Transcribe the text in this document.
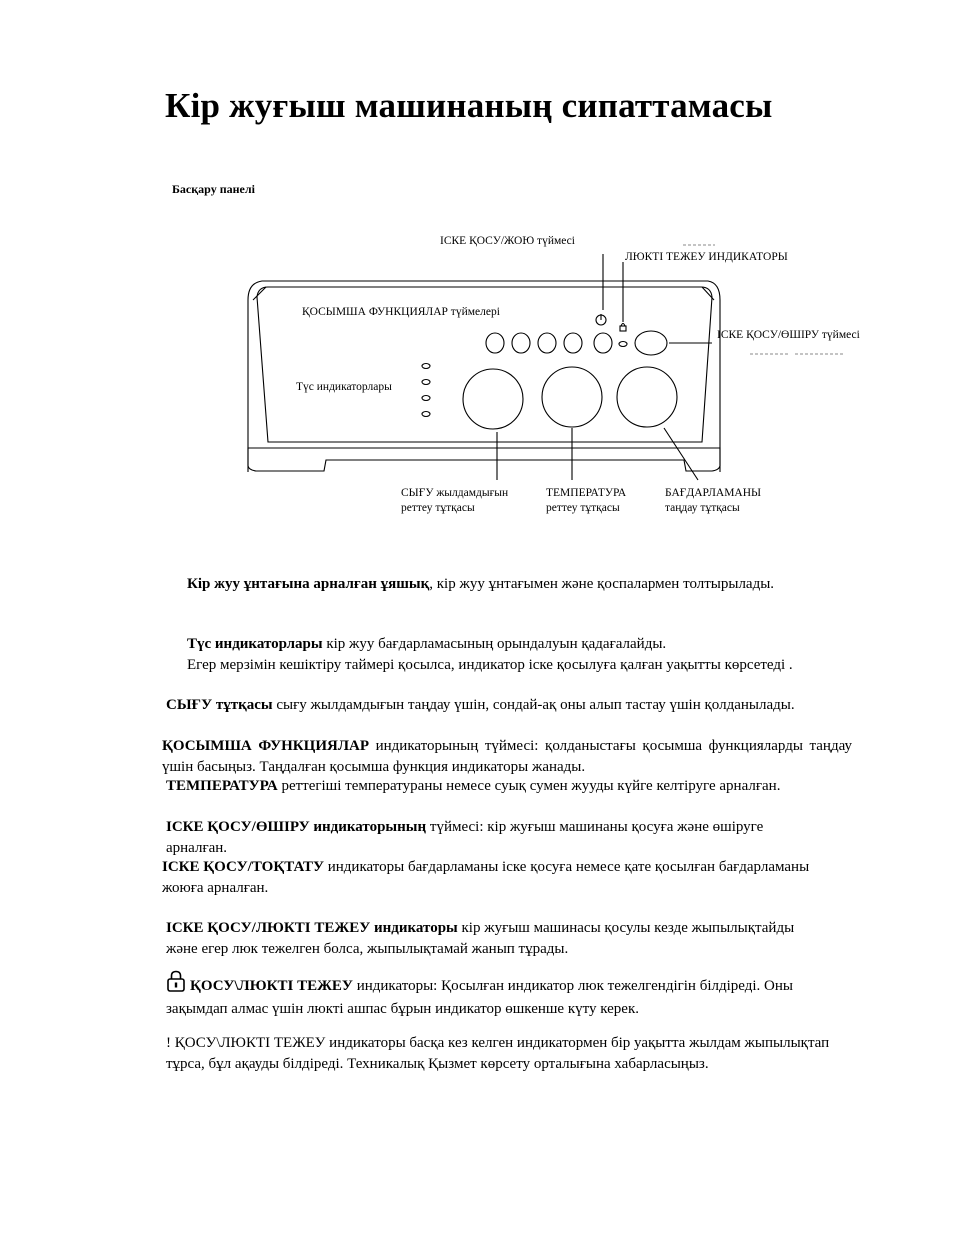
Кір жуғыш машинаның сипаттамасы
Басқару панелі
ІСКЕ ҚОСУ/ЖОЮ түймесі
ЛЮКТІ ТЕЖЕУ ИНДИКАТОРЫ
ҚОСЫМША ФУНКЦИЯЛАР түймелері
ІСКЕ ҚОСУ/ӨШІРУ түймесі
Түс индикаторлары
СЫҒУ жылдамдығын реттеу тұтқасы
ТЕМПЕРАТУРА реттеу тұтқасы
БАҒДАРЛАМАНЫ таңдау тұтқасы

Кір жуу ұнтағына арналған ұяшық, кір жуу ұнтағымен және қоспалармен толтырылады.

Түс индикаторлары кір жуу бағдарламасының орындалуын қадағалайды.
Егер мерзімін кешіктіру таймері қосылса, индикатор іске қосылуға қалған уақытты көрсетеді .

СЫҒУ тұтқасы сығу жылдамдығын таңдау үшін, сондай-ақ оны алып тастау үшін қолданылады.

ҚОСЫМША ФУНКЦИЯЛАР индикаторының түймесі: қолданыстағы қосымша функцияларды таңдау үшін басыңыз. Таңдалған қосымша функция индикаторы жанады.

ТЕМПЕРАТУРА реттегіші температураны немесе суық сумен жууды күйге келтіруге арналған.

ІСКЕ ҚОСУ/ӨШІРУ индикаторының түймесі: кір жуғыш машинаны қосуға және өшіруге арналған.

ІСКЕ ҚОСУ/ТОҚТАТУ индикаторы бағдарламаны іске қосуға немесе қате қосылған бағдарламаны жоюға арналған.

ІСКЕ ҚОСУ/ЛЮКТІ ТЕЖЕУ индикаторы кір жуғыш машинасы қосулы кезде жыпылықтайды және егер люк тежелген болса, жыпылықтамай жанып тұрады.

ҚОСУ\ЛЮКТІ ТЕЖЕУ индикаторы: Қосылған индикатор люк тежелгендігін білдіреді. Оны зақымдап алмас үшін люкті ашпас бұрын индикатор өшкенше күту керек.

! ҚОСУ\ЛЮКТІ ТЕЖЕУ индикаторы басқа кез келген индикатормен бір уақытта жылдам жыпылықтап тұрса, бұл ақауды білдіреді. Техникалық Қызмет көрсету орталығына хабарласыңыз.
